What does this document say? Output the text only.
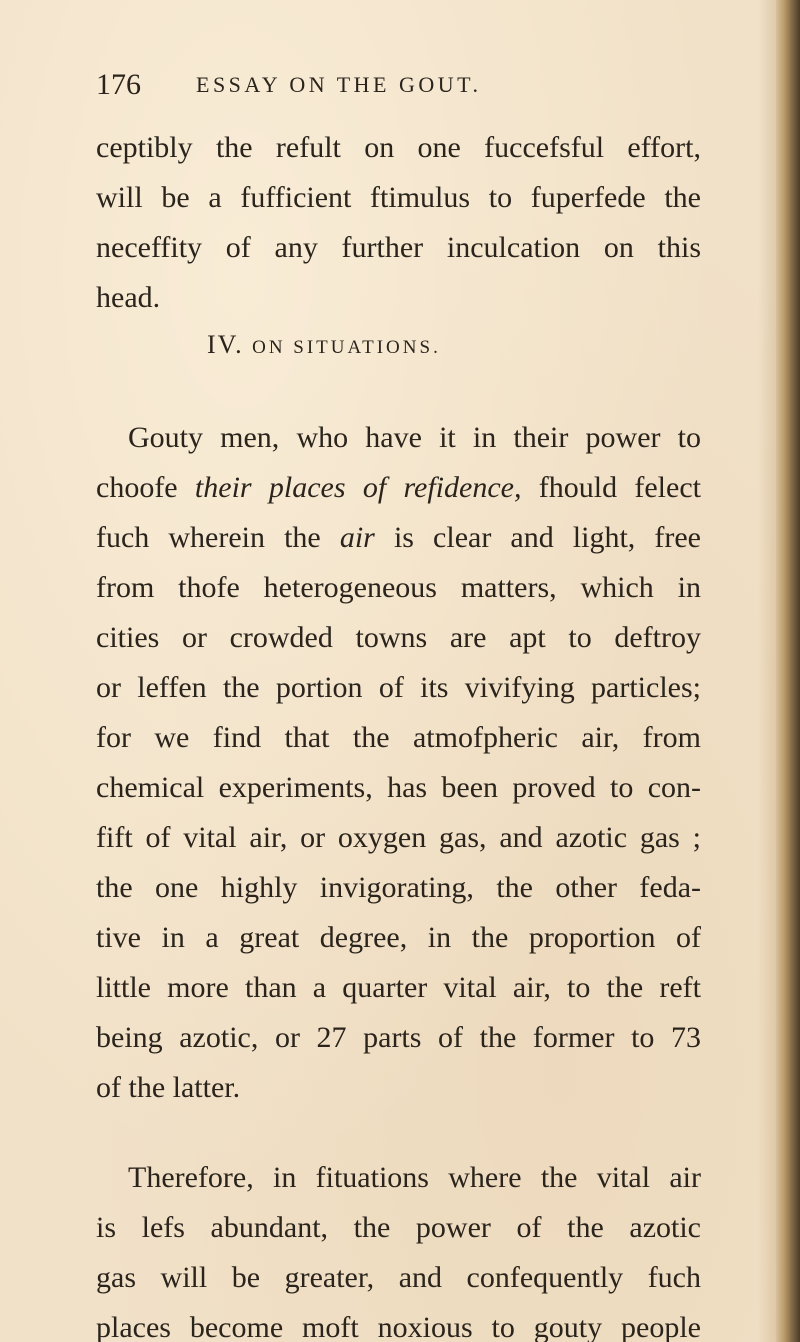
176	ESSAY ON THE GOUT.
ceptibly the refult on one fuccefsful effort,
will be a fufficient ftimulus to fuperfede the
neceffity of any further inculcation on this
head.
IV. ON SITUATIONS.
Gouty men, who have it in their power to
choofe their places of refidence, fhould felect
fuch wherein the air is clear and light, free
from thofe heterogeneous matters, which in
cities or crowded towns are apt to deftroy
or leffen the portion of its vivifying particles;
for we find that the atmofpheric air, from
chemical experiments, has been proved to con-
fift of vital air, or oxygen gas, and azotic gas ;
the one highly invigorating, the other feda-
tive in a great degree, in the proportion of
little more than a quarter vital air, to the reft
being azotic, or 27 parts of the former to 73
of the latter.
Therefore, in fituations where the vital air
is lefs abundant, the power of the azotic
gas will be greater, and confequently fuch
places become moft noxious to gouty people
